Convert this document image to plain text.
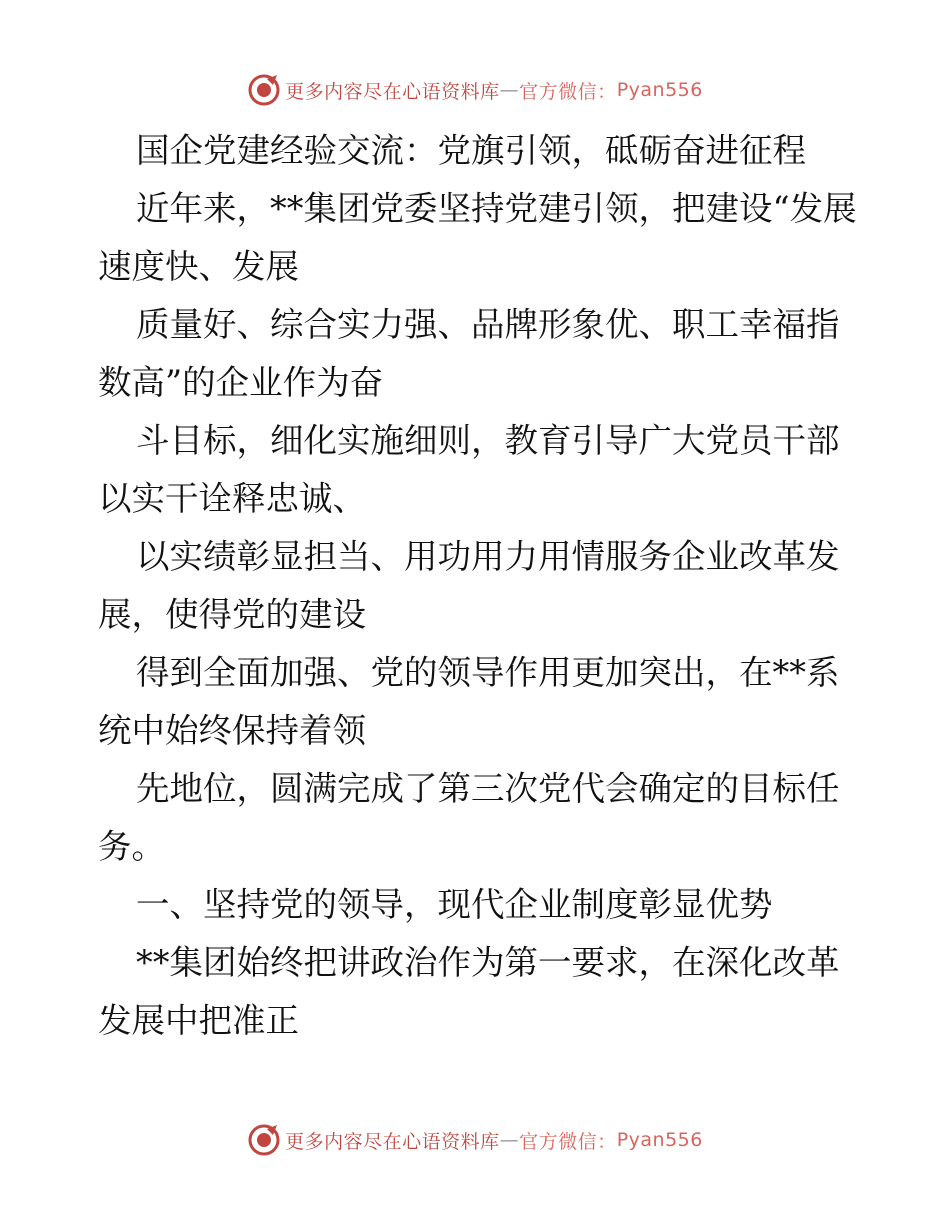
更多内容尽在心语资料库 — 官方微信： Pyan556

国企党建经验交流：党旗引领，砥砺奋进征程

近年来，**集团党委坚持党建引领，把建设“发展速度快、发展

质量好、综合实力强、品牌形象优、职工幸福指数高”的企业作为奋

斗目标，细化实施细则，教育引导广大党员干部以实干诠释忠诚、

以实绩彰显担当、用功用力用情服务企业改革发展，使得党的建设

得到全面加强、党的领导作用更加突出，在**系统中始终保持着领

先地位，圆满完成了第三次党代会确定的目标任务。

一、坚持党的领导，现代企业制度彰显优势

**集团始终把讲政治作为第一要求，在深化改革发展中把准正

更多内容尽在心语资料库 — 官方微信： Pyan556
